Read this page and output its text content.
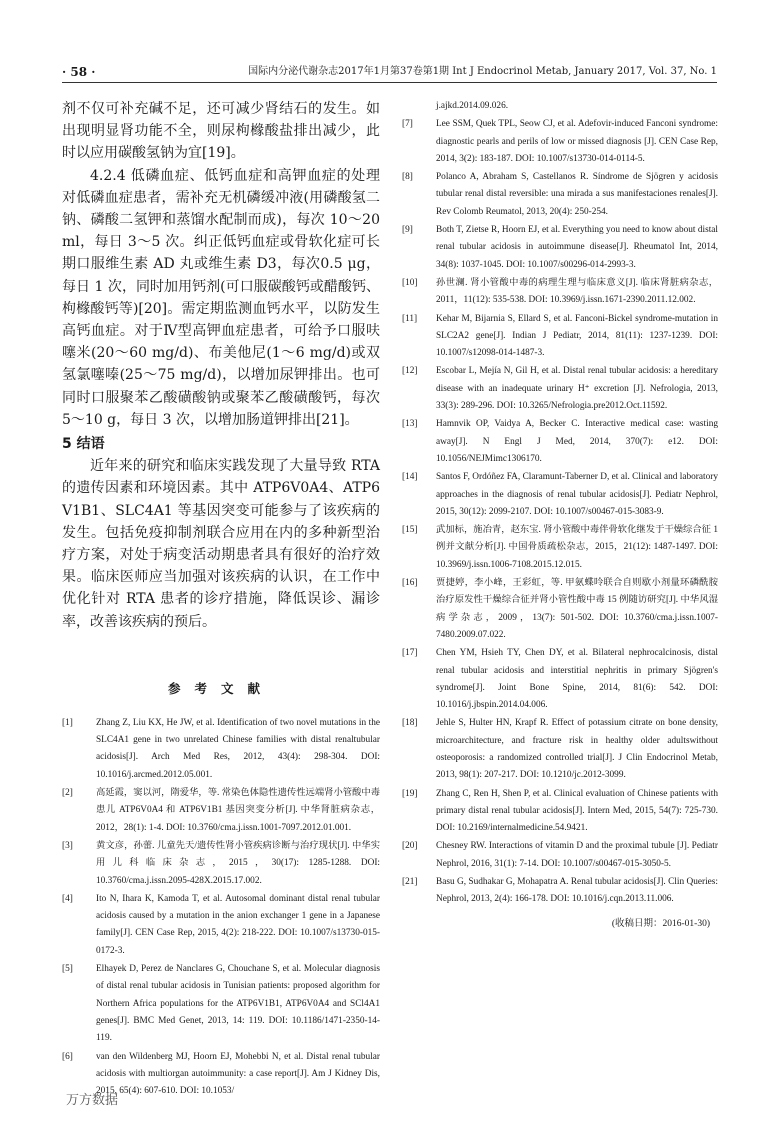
· 58 ·	国际内分泌代谢杂志2017年1月第37卷第1期 Int J Endocrinol Metab, January 2017, Vol. 37, No. 1

剂不仅可补充碱不足，还可减少肾结石的发生。如出现明显肾功能不全，则尿枸橼酸盐排出减少，此时以应用碳酸氢钠为宜[19]。

4.2.4 低磷血症、低钙血症和高钾血症的处理 对低磷血症患者，需补充无机磷缓冲液(用磷酸氢二钠、磷酸二氢钾和蒸馏水配制而成)，每次 10～20 ml，每日 3～5 次。纠正低钙血症或骨软化症可长期口服维生素 AD 丸或维生素 D3，每次0.5 μg，每日 1 次，同时加用钙剂(可口服碳酸钙或醋酸钙、枸橼酸钙等)[20]。需定期监测血钙水平，以防发生高钙血症。对于Ⅳ型高钾血症患者，可给予口服呋噻米(20～60 mg/d)、布美他尼(1～6 mg/d)或双氢氯噻嗪(25～75 mg/d)，以增加尿钾排出。也可同时口服聚苯乙酸磺酸钠或聚苯乙酸磺酸钙，每次 5～10 g，每日 3 次，以增加肠道钾排出[21]。

5 结语

近年来的研究和临床实践发现了大量导致 RTA 的遗传因素和环境因素。其中 ATP6V0A4、ATP6V1B1、SLC4A1 等基因突变可能参与了该疾病的发生。包括免疫抑制剂联合应用在内的多种新型治疗方案，对处于病变活动期患者具有很好的治疗效果。临床医师应当加强对该疾病的认识，在工作中优化针对 RTA 患者的诊疗措施，降低误诊、漏诊率，改善该疾病的预后。

参考文献

[1]	Zhang Z, Liu KX, He JW, et al. Identification of two novel mutations in the SLC4A1 gene in two unrelated Chinese families with distal renaltubular acidosis[J]. Arch Med Res, 2012, 43(4): 298-304. DOI: 10.1016/j.arcmed.2012.05.001.

[2]	高延霞，窦以河，隋爱华，等. 常染色体隐性遗传性远端肾小管酸中毒患儿 ATP6V0A4 和 ATP6V1B1 基因突变分析[J]. 中华肾脏病杂志，2012，28(1): 1-4. DOI: 10.3760/cma.j.issn.1001-7097.2012.01.001.

[3]	黄文彦，孙蕾. 儿童先天/遗传性肾小管疾病诊断与治疗现状[J]. 中华实用儿科临床杂志，2015，30(17): 1285-1288. DOI: 10.3760/cma.j.issn.2095-428X.2015.17.002.

[4]	Ito N, Ihara K, Kamoda T, et al. Autosomal dominant distal renal tubular acidosis caused by a mutation in the anion exchanger 1 gene in a Japanese family[J]. CEN Case Rep, 2015, 4(2): 218-222. DOI: 10.1007/s13730-015-0172-3.

[5]	Elhayek D, Perez de Nanclares G, Chouchane S, et al. Molecular diagnosis of distal renal tubular acidosis in Tunisian patients: proposed algorithm for Northern Africa populations for the ATP6V1B1, ATP6V0A4 and SCl4A1 genes[J]. BMC Med Genet, 2013, 14: 119. DOI: 10.1186/1471-2350-14-119.

[6]	van den Wildenberg MJ, Hoorn EJ, Mohebbi N, et al. Distal renal tubular acidosis with multiorgan autoimmunity: a case report[J]. Am J Kidney Dis, 2015, 65(4): 607-610. DOI: 10.1053/

j.ajkd.2014.09.026.

[7]	Lee SSM, Quek TPL, Seow CJ, et al. Adefovir-induced Fanconi syndrome: diagnostic pearls and perils of low or missed diagnosis [J]. CEN Case Rep, 2014, 3(2): 183-187. DOI: 10.1007/s13730-014-0114-5.

[8]	Polanco A, Abraham S, Castellanos R. Síndrome de Sjögren y acidosis tubular renal distal reversible: una mirada a sus manifestaciones renales[J]. Rev Colomb Reumatol, 2013, 20(4): 250-254.

[9]	Both T, Zietse R, Hoorn EJ, et al. Everything you need to know about distal renal tubular acidosis in autoimmune disease[J]. Rheumatol Int, 2014, 34(8): 1037-1045. DOI: 10.1007/s00296-014-2993-3.

[10]	孙世澜. 肾小管酸中毒的病理生理与临床意义[J]. 临床肾脏病杂志，2011，11(12): 535-538. DOI: 10.3969/j.issn.1671-2390.2011.12.002.

[11]	Kehar M, Bijarnia S, Ellard S, et al. Fanconi-Bickel syndrome-mutation in SLC2A2 gene[J]. Indian J Pediatr, 2014, 81(11): 1237-1239. DOI: 10.1007/s12098-014-1487-3.

[12]	Escobar L, Mejía N, Gil H, et al. Distal renal tubular acidosis: a hereditary disease with an inadequate urinary H⁺ excretion [J]. Nefrologia, 2013, 33(3): 289-296. DOI: 10.3265/Nefrologia.pre2012.Oct.11592.

[13]	Hamnvik OP, Vaidya A, Becker C. Interactive medical case: wasting away[J]. N Engl J Med, 2014, 370(7): e12. DOI: 10.1056/NEJMimc1306170.

[14]	Santos F, Ordóñez FA, Claramunt-Taberner D, et al. Clinical and laboratory approaches in the diagnosis of renal tubular acidosis[J]. Pediatr Nephrol, 2015, 30(12): 2099-2107. DOI: 10.1007/s00467-015-3083-9.

[15]	武加标，施冶青，赵东宝. 肾小管酸中毒伴骨软化继发于干燥综合征 1 例并文献分析[J]. 中国骨质疏松杂志，2015，21(12): 1487-1497. DOI: 10.3969/j.issn.1006-7108.2015.12.015.

[16]	贾捷婷，李小峰，王彩虹，等. 甲氨蝶呤联合自则歇小剂量环磷酰胺治疗原发性干燥综合征并肾小管性酸中毒 15 例随访研究[J]. 中华风湿病学杂志，2009，13(7): 501-502. DOI: 10.3760/cma.j.issn.1007-7480.2009.07.022.

[17]	Chen YM, Hsieh TY, Chen DY, et al. Bilateral nephrocalcinosis, distal renal tubular acidosis and interstitial nephritis in primary Sjögren's syndrome[J]. Joint Bone Spine, 2014, 81(6): 542. DOI: 10.1016/j.jbspin.2014.04.006.

[18]	Jehle S, Hulter HN, Krapf R. Effect of potassium citrate on bone density, microarchitecture, and fracture risk in healthy older adultswithout osteoporosis: a randomized controlled trial[J]. J Clin Endocrinol Metab, 2013, 98(1): 207-217. DOI: 10.1210/jc.2012-3099.

[19]	Zhang C, Ren H, Shen P, et al. Clinical evaluation of Chinese patients with primary distal renal tubular acidosis[J]. Intern Med, 2015, 54(7): 725-730. DOI: 10.2169/internalmedicine.54.9421.

[20]	Chesney RW. Interactions of vitamin D and the proximal tubule [J]. Pediatr Nephrol, 2016, 31(1): 7-14. DOI: 10.1007/s00467-015-3050-5.

[21]	Basu G, Sudhakar G, Mohapatra A. Renal tubular acidosis[J]. Clin Queries: Nephrol, 2013, 2(4): 166-178. DOI: 10.1016/j.cqn.2013.11.006.

(收稿日期：2016-01-30)
万方数据
